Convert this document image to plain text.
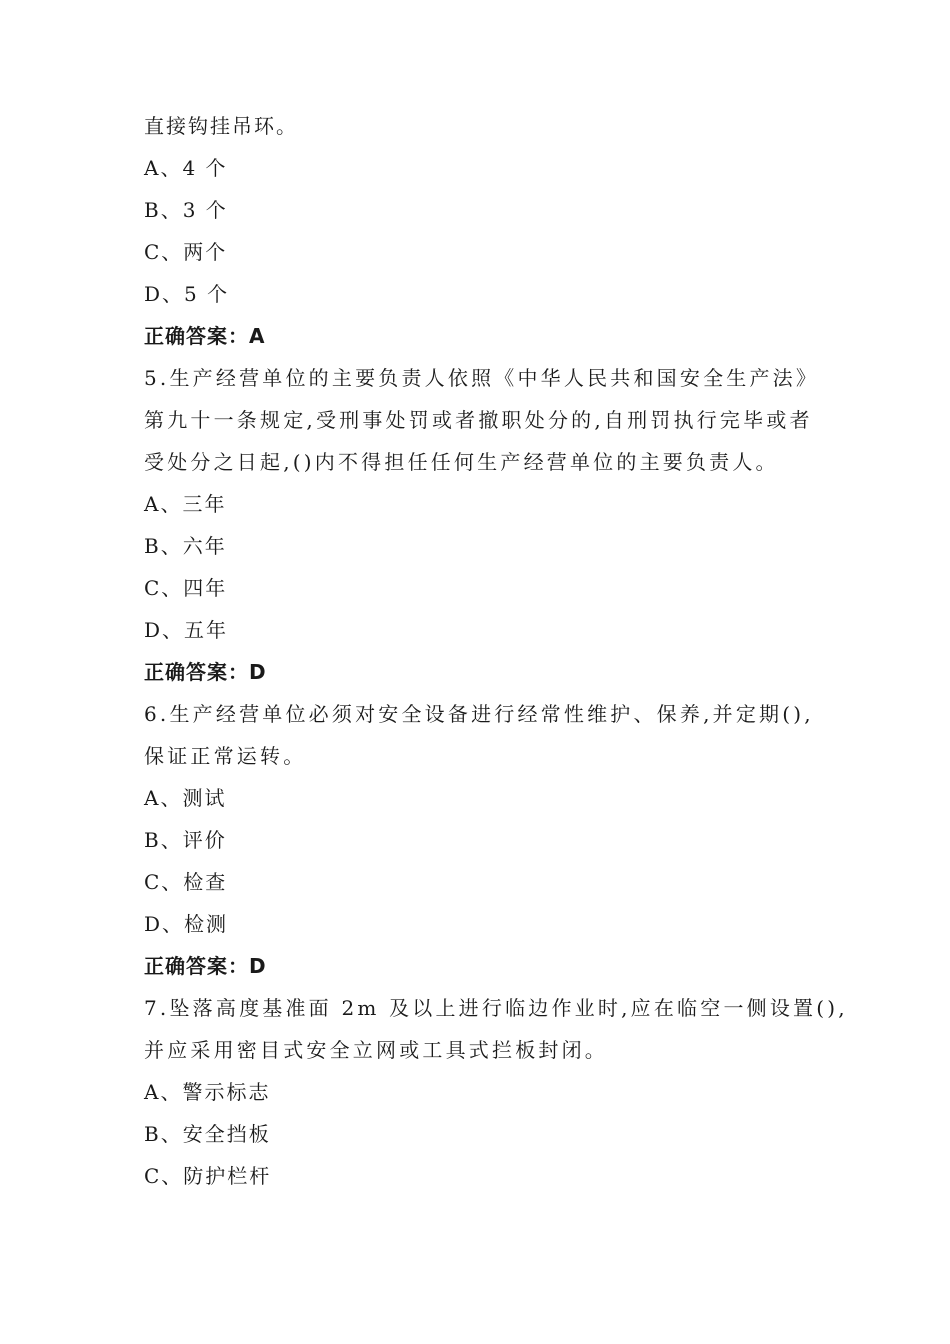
直接钩挂吊环。
A、4 个
B、3 个
C、两个
D、5 个
正确答案：A
5.生产经营单位的主要负责人依照《中华人民共和国安全生产法》
第九十一条规定,受刑事处罚或者撤职处分的,自刑罚执行完毕或者
受处分之日起,()内不得担任任何生产经营单位的主要负责人。
A、三年
B、六年
C、四年
D、五年
正确答案：D
6.生产经营单位必须对安全设备进行经常性维护、保养,并定期(),
保证正常运转。
A、测试
B、评价
C、检查
D、检测
正确答案：D
7.坠落高度基准面 2m 及以上进行临边作业时,应在临空一侧设置(),
并应采用密目式安全立网或工具式拦板封闭。
A、警示标志
B、安全挡板
C、防护栏杆
